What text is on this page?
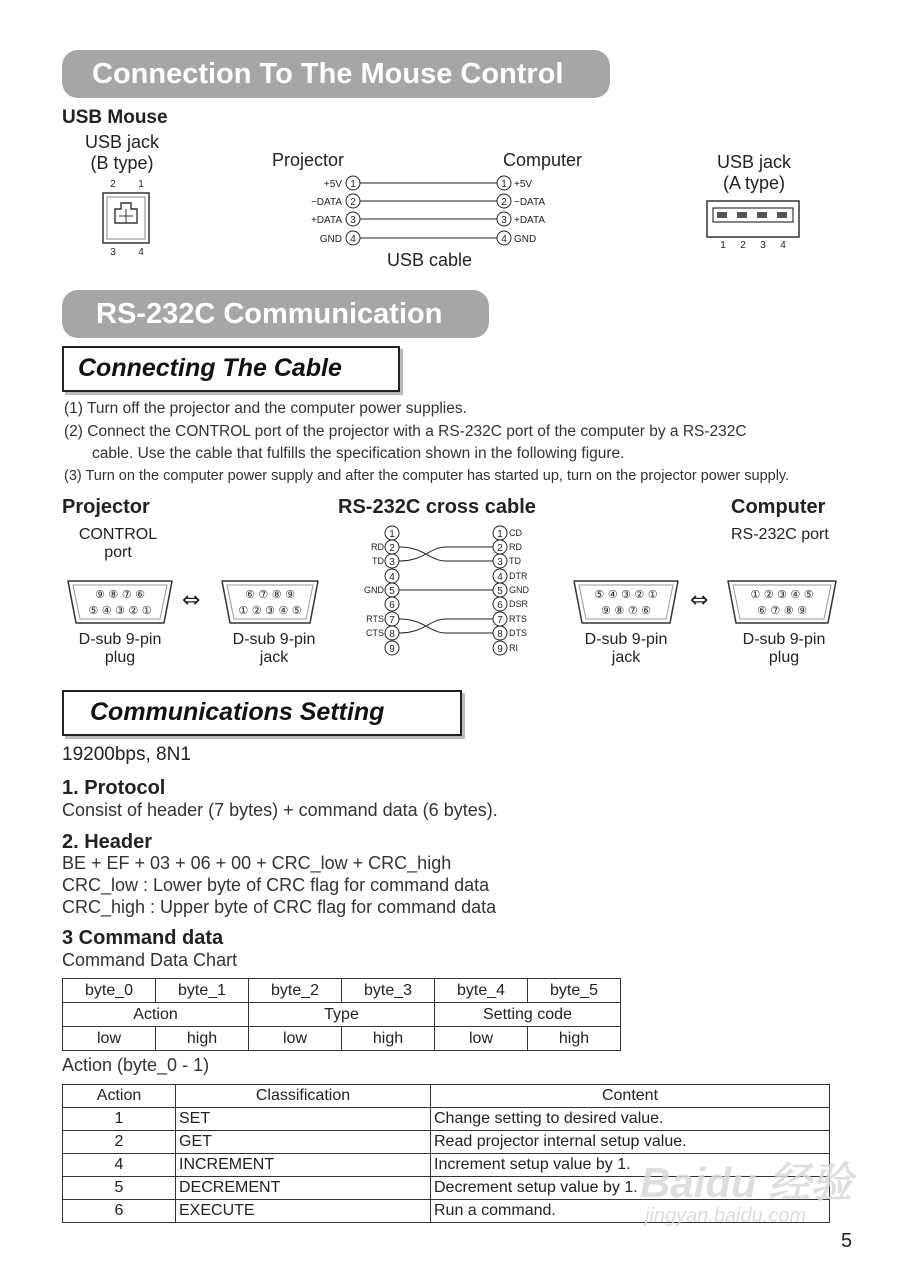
Connection To The Mouse Control
USB Mouse
USB jack
(B type)
2 1
3 4
Projector	Computer
+5V
−DATA
+DATA
GND
1
2
3
4
1
2
3
4
+5V
−DATA
+DATA
GND
USB cable
USB jack
(A type)
1 2 3 4
RS-232C Communication
Connecting The Cable
(1) Turn off the projector and the computer power supplies.
(2) Connect the CONTROL port of the projector with a RS-232C port of the computer by a RS-232C
cable. Use the cable that fulfills the specification shown in the following figure.
(3) Turn on the computer power supply and after the computer has started up, turn on the projector power supply.
Projector	RS-232C cross cable	Computer
CONTROL
port
RS-232C port
⑨ ⑧ ⑦ ⑥
⑤ ④ ③ ② ① ⇔	⑥ ⑦ ⑧ ⑨
① ② ③ ④ ⑤
⑤ ④ ③ ② ①
⑨ ⑧ ⑦ ⑥ ⇔	① ② ③ ④ ⑤
⑥ ⑦ ⑧ ⑨
D-sub 9-pin
plug
D-sub 9-pin
jack
D-sub 9-pin
jack
D-sub 9-pin
plug
1	1 CD
2	2
RD	RD
3	3
TD	TD
4	4 DTR
5	5
GND	GND
6	6 DSR
7	7
RTS	RTS
8	8
CTS	DTS
9	9 RI
Communications Setting
19200bps, 8N1
1. Protocol
Consist of header (7 bytes) + command data (6 bytes).
2. Header
BE + EF + 03 + 06 + 00 + CRC_low + CRC_high
CRC_low : Lower byte of CRC flag for command data
CRC_high : Upper byte of CRC flag for command data
3 Command data
Command Data Chart
byte_0	byte_1	byte_2	byte_3	byte_4	byte_5
Action		Type		Setting code	
low	high	low	high	low	high
Action (byte_0 - 1)
Action	Classification	Content
1	SET	Change setting to desired value.
2	GET	Read projector internal setup value.
4	INCREMENT	Increment setup value by 1.
5	DECREMENT	Decrement setup value by 1.
6	EXECUTE	Run a command.
Baidu 经验
jingyan.baidu.com
5
